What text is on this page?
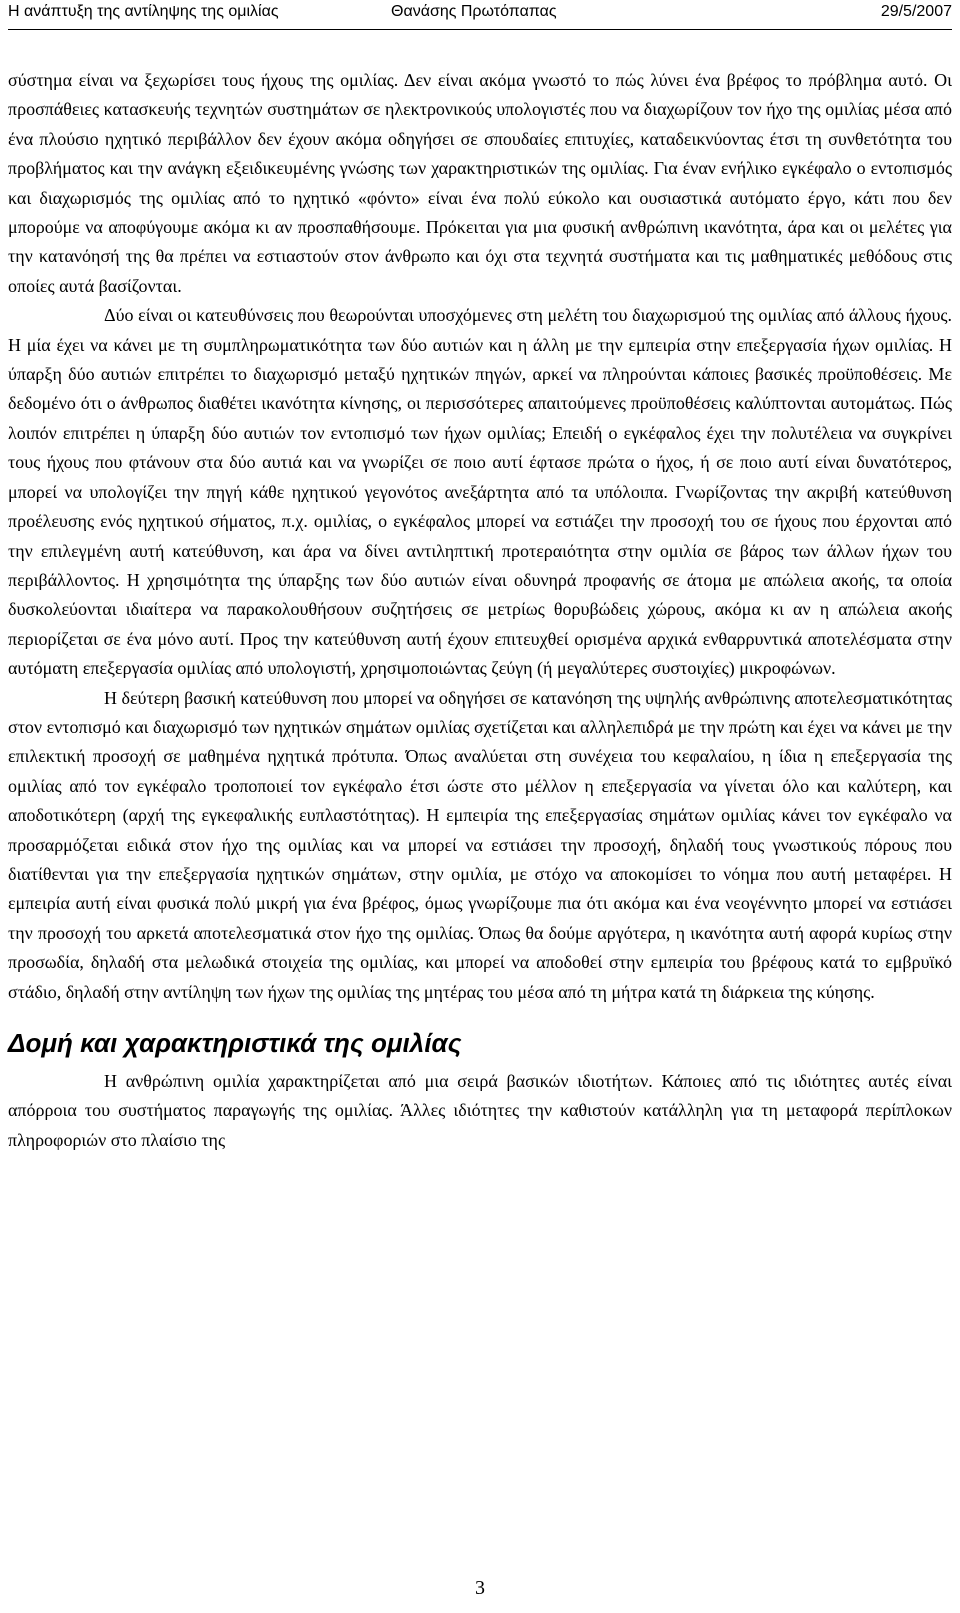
Η ανάπτυξη της αντίληψης της ομιλίας	Θανάσης Πρωτόπαπας	29/5/2007

σύστημα είναι να ξεχωρίσει τους ήχους της ομιλίας. Δεν είναι ακόμα γνωστό το πώς λύνει ένα βρέφος το πρόβλημα αυτό. Οι προσπάθειες κατασκευής τεχνητών συστημάτων σε ηλεκτρονικούς υπολογιστές που να διαχωρίζουν τον ήχο της ομιλίας μέσα από ένα πλούσιο ηχητικό περιβάλλον δεν έχουν ακόμα οδηγήσει σε σπουδαίες επιτυχίες, καταδεικνύοντας έτσι τη συνθετότητα του προβλήματος και την ανάγκη εξειδικευμένης γνώσης των χαρακτηριστικών της ομιλίας. Για έναν ενήλικο εγκέφαλο ο εντοπισμός και διαχωρισμός της ομιλίας από το ηχητικό «φόντο» είναι ένα πολύ εύκολο και ουσιαστικά αυτόματο έργο, κάτι που δεν μπορούμε να αποφύγουμε ακόμα κι αν προσπαθήσουμε. Πρόκειται για μια φυσική ανθρώπινη ικανότητα, άρα και οι μελέτες για την κατανόησή της θα πρέπει να εστιαστούν στον άνθρωπο και όχι στα τεχνητά συστήματα και τις μαθηματικές μεθόδους στις οποίες αυτά βασίζονται.

Δύο είναι οι κατευθύνσεις που θεωρούνται υποσχόμενες στη μελέτη του διαχωρισμού της ομιλίας από άλλους ήχους. Η μία έχει να κάνει με τη συμπληρωματικότητα των δύο αυτιών και η άλλη με την εμπειρία στην επεξεργασία ήχων ομιλίας. Η ύπαρξη δύο αυτιών επιτρέπει το διαχωρισμό μεταξύ ηχητικών πηγών, αρκεί να πληρούνται κάποιες βασικές προϋποθέσεις. Με δεδομένο ότι ο άνθρωπος διαθέτει ικανότητα κίνησης, οι περισσότερες απαιτούμενες προϋποθέσεις καλύπτονται αυτομάτως. Πώς λοιπόν επιτρέπει η ύπαρξη δύο αυτιών τον εντοπισμό των ήχων ομιλίας; Επειδή ο εγκέφαλος έχει την πολυτέλεια να συγκρίνει τους ήχους που φτάνουν στα δύο αυτιά και να γνωρίζει σε ποιο αυτί έφτασε πρώτα ο ήχος, ή σε ποιο αυτί είναι δυνατότερος, μπορεί να υπολογίζει την πηγή κάθε ηχητικού γεγονότος ανεξάρτητα από τα υπόλοιπα. Γνωρίζοντας την ακριβή κατεύθυνση προέλευσης ενός ηχητικού σήματος, π.χ. ομιλίας, ο εγκέφαλος μπορεί να εστιάζει την προσοχή του σε ήχους που έρχονται από την επιλεγμένη αυτή κατεύθυνση, και άρα να δίνει αντιληπτική προτεραιότητα στην ομιλία σε βάρος των άλλων ήχων του περιβάλλοντος. Η χρησιμότητα της ύπαρξης των δύο αυτιών είναι οδυνηρά προφανής σε άτομα με απώλεια ακοής, τα οποία δυσκολεύονται ιδιαίτερα να παρακολουθήσουν συζητήσεις σε μετρίως θορυβώδεις χώρους, ακόμα κι αν η απώλεια ακοής περιορίζεται σε ένα μόνο αυτί. Προς την κατεύθυνση αυτή έχουν επιτευχθεί ορισμένα αρχικά ενθαρρυντικά αποτελέσματα στην αυτόματη επεξεργασία ομιλίας από υπολογιστή, χρησιμοποιώντας ζεύγη (ή μεγαλύτερες συστοιχίες) μικροφώνων.

Η δεύτερη βασική κατεύθυνση που μπορεί να οδηγήσει σε κατανόηση της υψηλής ανθρώπινης αποτελεσματικότητας στον εντοπισμό και διαχωρισμό των ηχητικών σημάτων ομιλίας σχετίζεται και αλληλεπιδρά με την πρώτη και έχει να κάνει με την επιλεκτική προσοχή σε μαθημένα ηχητικά πρότυπα. Όπως αναλύεται στη συνέχεια του κεφαλαίου, η ίδια η επεξεργασία της ομιλίας από τον εγκέφαλο τροποποιεί τον εγκέφαλο έτσι ώστε στο μέλλον η επεξεργασία να γίνεται όλο και καλύτερη, και αποδοτικότερη (αρχή της εγκεφαλικής ευπλαστότητας). Η εμπειρία της επεξεργασίας σημάτων ομιλίας κάνει τον εγκέφαλο να προσαρμόζεται ειδικά στον ήχο της ομιλίας και να μπορεί να εστιάσει την προσοχή, δηλαδή τους γνωστικούς πόρους που διατίθενται για την επεξεργασία ηχητικών σημάτων, στην ομιλία, με στόχο να αποκομίσει το νόημα που αυτή μεταφέρει. Η εμπειρία αυτή είναι φυσικά πολύ μικρή για ένα βρέφος, όμως γνωρίζουμε πια ότι ακόμα και ένα νεογέννητο μπορεί να εστιάσει την προσοχή του αρκετά αποτελεσματικά στον ήχο της ομιλίας. Όπως θα δούμε αργότερα, η ικανότητα αυτή αφορά κυρίως στην προσωδία, δηλαδή στα μελωδικά στοιχεία της ομιλίας, και μπορεί να αποδοθεί στην εμπειρία του βρέφους κατά το εμβρυϊκό στάδιο, δηλαδή στην αντίληψη των ήχων της ομιλίας της μητέρας του μέσα από τη μήτρα κατά τη διάρκεια της κύησης.

Δομή και χαρακτηριστικά της ομιλίας

Η ανθρώπινη ομιλία χαρακτηρίζεται από μια σειρά βασικών ιδιοτήτων. Κάποιες από τις ιδιότητες αυτές είναι απόρροια του συστήματος παραγωγής της ομιλίας. Άλλες ιδιότητες την καθιστούν κατάλληλη για τη μεταφορά περίπλοκων πληροφοριών στο πλαίσιο της

3
